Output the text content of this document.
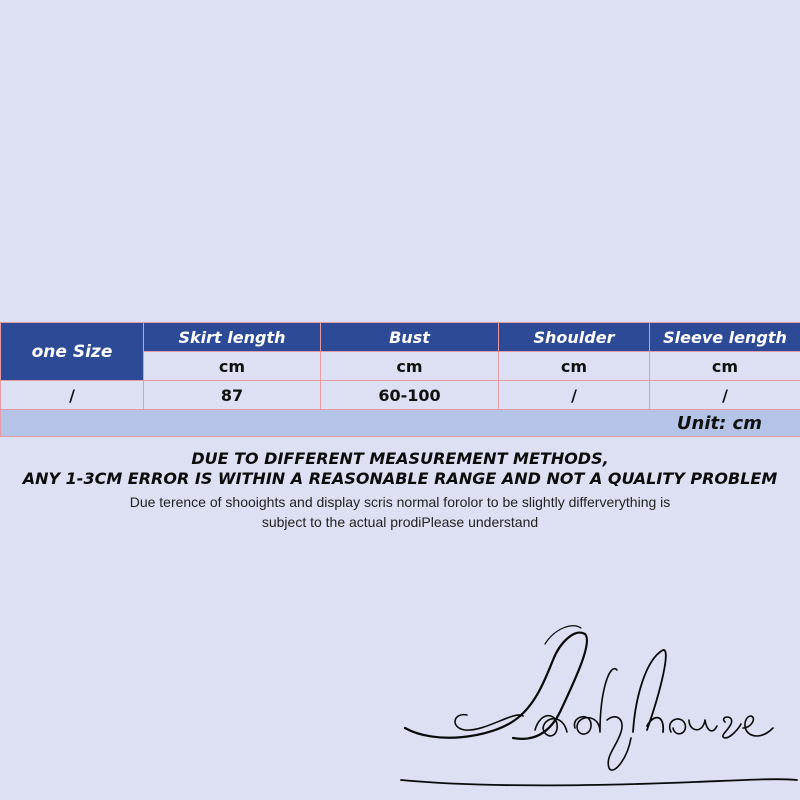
one Size	Skirt length	Bust	Shoulder	Sleeve length
	cm	cm	cm	cm
/	87	60-100	/	/
Unit: cm				
DUE TO DIFFERENT MEASUREMENT METHODS,
ANY 1-3CM ERROR IS WITHIN A REASONABLE RANGE AND NOT A QUALITY PROBLEM
Due terence of shooights and display scris normal forolor to be slightly differverything is
subject to the actual prodiPlease understand
